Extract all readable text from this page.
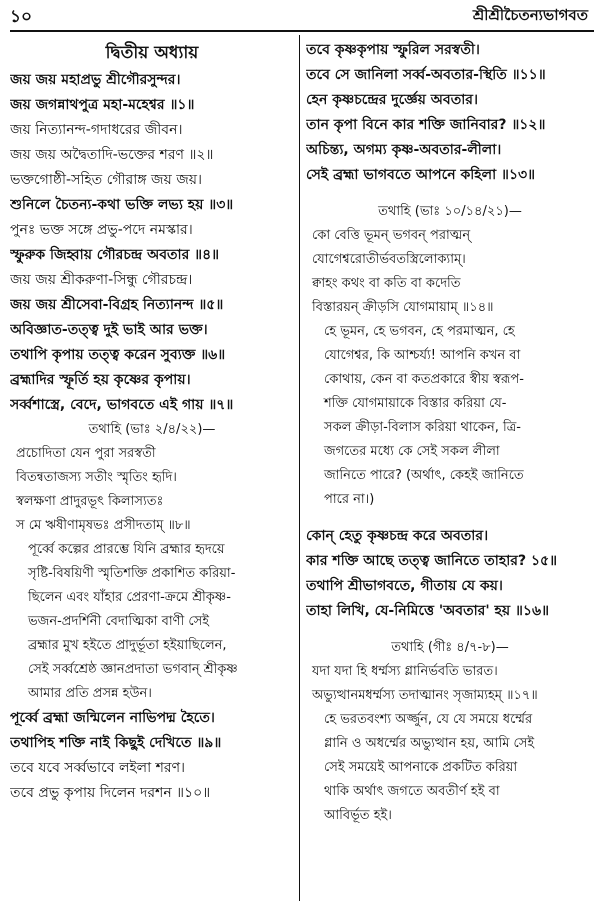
১০	শ্রীশ্রীচৈতন্যভাগবত
দ্বিতীয় অধ্যায়
জয় জয় মহাপ্রভু শ্রীগৌরসুন্দর।
জয় জগন্নাথপুত্র মহা-মহেশ্বর ॥১॥
জয় নিত্যানন্দ-গদাধরের জীবন।
জয় জয় অদ্বৈতাদি-ভক্তের শরণ ॥২॥
ভক্তগোষ্ঠী-সহিত গৌরাঙ্গ জয় জয়।
শুনিলে চৈতন্য-কথা ভক্তি লভ্য হয় ॥৩॥
পুনঃ ভক্ত সঙ্গে প্রভু-পদে নমস্কার।
স্ফুরুক জিহ্বায় গৌরচন্দ্র অবতার ॥৪॥
জয় জয় শ্রীকরুণা-সিন্ধু গৌরচন্দ্র।
জয় জয় শ্রীসেবা-বিগ্রহ নিত্যানন্দ ॥৫॥
অবিজ্ঞাত-তত্ত্ব দুই ভাই আর ভক্ত।
তথাপি কৃপায় তত্ত্ব করেন সুব্যক্ত ॥৬॥
ব্রহ্মাদির স্ফূর্তি হয় কৃষ্ণের কৃপায়।
সর্ব্বশাস্ত্রে, বেদে, ভাগবতে এই গায় ॥৭॥
তথাহি (ভাঃ ২/৪/২২)—
প্রচোদিতা যেন পুরা সরস্বতী
বিতন্বতাজস্য সতীং স্মৃতিং হৃদি।
স্বলক্ষণা প্রাদুরভূৎ কিলাস্যতঃ
স মে ঋষীণামৃষভঃ প্রসীদতাম্ ॥৮॥
পূর্ব্বে কল্পের প্রারম্ভে যিনি ব্রহ্মার হৃদয়ে
সৃষ্টি-বিষয়িণী স্মৃতিশক্তি প্রকাশিত করিয়া-
ছিলেন এবং যাঁহার প্রেরণা-ক্রমে শ্রীকৃষ্ণ-
ভজন-প্রদর্শিনী বেদাত্মিকা বাণী সেই
ব্রহ্মার মুখ হইতে প্রাদুর্ভূতা হইয়াছিলেন,
সেই সর্ব্বশ্রেষ্ঠ জ্ঞানপ্রদাতা ভগবান্ শ্রীকৃষ্ণ
আমার প্রতি প্রসন্ন হউন।
পূর্ব্বে ব্রহ্মা জন্মিলেন নাভিপদ্ম হৈতে।
তথাপিহ শক্তি নাই কিছুই দেখিতে ॥৯॥
তবে যবে সর্ব্বভাবে লইলা শরণ।
তবে প্রভু কৃপায় দিলেন দরশন ॥১০॥
তবে কৃষ্ণকৃপায় স্ফুরিল সরস্বতী।
তবে সে জানিলা সর্ব্ব-অবতার-স্থিতি ॥১১॥
হেন কৃষ্ণচন্দ্রের দুর্জ্ঞেয় অবতার।
তান কৃপা বিনে কার শক্তি জানিবার? ॥১২॥
অচিন্ত্য, অগম্য কৃষ্ণ-অবতার-লীলা।
সেই ব্রহ্মা ভাগবতে আপনে কহিলা ॥১৩॥
তথাহি (ভাঃ ১০/১৪/২১)—
কো বেত্তি ভূমন্ ভগবন্ পরাত্মন্
যোগেশ্বরোতীর্ভবতস্ত্রিলোক্যাম্।
ক্বাহং কথং বা কতি বা কদেতি
বিস্তারয়ন্ ক্রীড়সি যোগমায়াম্ ॥১৪॥
হে ভূমন, হে ভগবন, হে পরমাত্মন, হে
যোগেশ্বর, কি আশ্চর্য্য! আপনি কখন বা
কোথায়, কেন বা কতপ্রকারে স্বীয় স্বরূপ-
শক্তি যোগমায়াকে বিস্তার করিয়া যে-
সকল ক্রীড়া-বিলাস করিয়া থাকেন, ত্রি-
জগতের মধ্যে কে সেই সকল লীলা
জানিতে পারে? (অর্থাৎ, কেহই জানিতে
পারে না।)
কোন্ হেতু কৃষ্ণচন্দ্র করে অবতার।
কার শক্তি আছে তত্ত্ব জানিতে তাহার? ১৫॥
তথাপি শ্রীভাগবতে, গীতায় যে কয়।
তাহা লিখি, যে-নিমিত্তে 'অবতার' হয় ॥১৬॥
তথাহি (গীঃ ৪/৭-৮)—
যদা যদা হি ধর্ম্মস্য গ্লানির্ভবতি ভারত।
অভ্যুত্থানমধর্ম্মস্য তদাত্মানং সৃজাম্যহম্ ॥১৭॥
হে ভরতবংশ্য অর্জ্জুন, যে যে সময়ে ধর্ম্মের
গ্লানি ও অধর্ম্মের অভ্যুত্থান হয়, আমি সেই
সেই সময়েই আপনাকে প্রকটিত করিয়া
থাকি অর্থাৎ জগতে অবতীর্ণ হই বা
আবির্ভূত হই।
